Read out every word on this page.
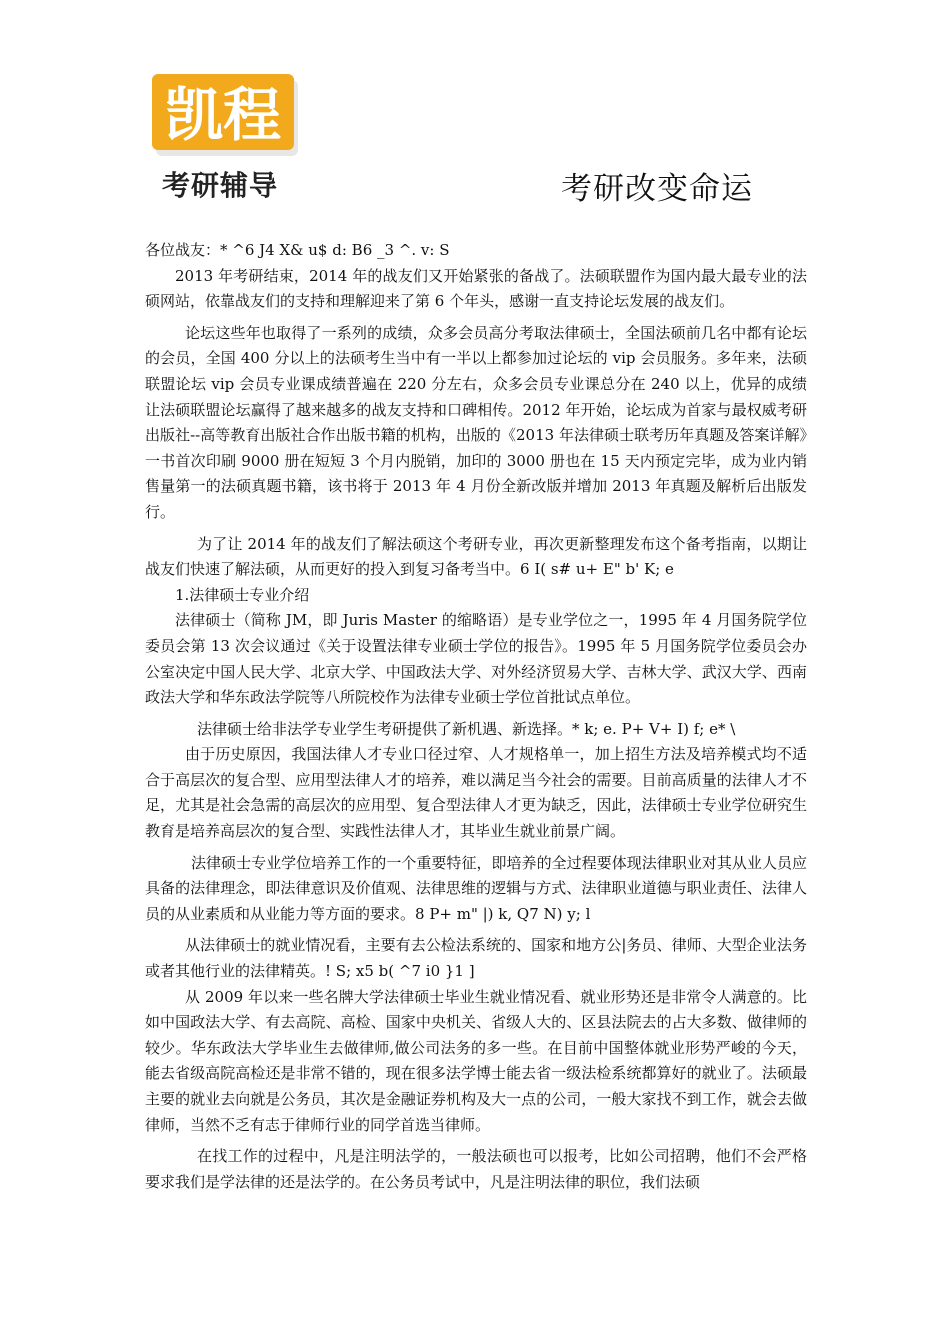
凯程
考研辅导	考研改变命运

各位战友：* ^6 J4 X& u$ d: B6 _3 ^. v: S

2013 年考研结束，2014 年的战友们又开始紧张的备战了。法硕联盟作为国内最大最专业的法硕网站，依靠战友们的支持和理解迎来了第 6 个年头，感谢一直支持论坛发展的战友们。

论坛这些年也取得了一系列的成绩，众多会员高分考取法律硕士，全国法硕前几名中都有论坛的会员，全国 400 分以上的法硕考生当中有一半以上都参加过论坛的 vip 会员服务。多年来，法硕联盟论坛 vip 会员专业课成绩普遍在 220 分左右，众多会员专业课总分在 240 以上，优异的成绩让法硕联盟论坛赢得了越来越多的战友支持和口碑相传。2012 年开始，论坛成为首家与最权威考研出版社--高等教育出版社合作出版书籍的机构，出版的《2013 年法律硕士联考历年真题及答案详解》一书首次印刷 9000 册在短短 3 个月内脱销，加印的 3000 册也在 15 天内预定完毕，成为业内销售量第一的法硕真题书籍，该书将于 2013 年 4 月份全新改版并增加 2013 年真题及解析后出版发行。

为了让 2014 年的战友们了解法硕这个考研专业，再次更新整理发布这个备考指南，以期让战友们快速了解法硕，从而更好的投入到复习备考当中。6 I( s# u+ E" b' K; e

1.法律硕士专业介绍

法律硕士（简称 JM，即 Juris Master 的缩略语）是专业学位之一，1995 年 4 月国务院学位委员会第 13 次会议通过《关于设置法律专业硕士学位的报告》。1995 年 5 月国务院学位委员会办公室决定中国人民大学、北京大学、中国政法大学、对外经济贸易大学、吉林大学、武汉大学、西南政法大学和华东政法学院等八所院校作为法律专业硕士学位首批试点单位。

法律硕士给非法学专业学生考研提供了新机遇、新选择。* k; e. P+ V+ I) f; e* \

由于历史原因，我国法律人才专业口径过窄、人才规格单一，加上招生方法及培养模式均不适合于高层次的复合型、应用型法律人才的培养，难以满足当今社会的需要。目前高质量的法律人才不足，尤其是社会急需的高层次的应用型、复合型法律人才更为缺乏，因此，法律硕士专业学位研究生教育是培养高层次的复合型、实践性法律人才，其毕业生就业前景广阔。

法律硕士专业学位培养工作的一个重要特征，即培养的全过程要体现法律职业对其从业人员应具备的法律理念，即法律意识及价值观、法律思维的逻辑与方式、法律职业道德与职业责任、法律人员的从业素质和从业能力等方面的要求。8 P+ m" |) k, Q7 N) y; l

从法律硕士的就业情况看，主要有去公检法系统的、国家和地方公|务员、律师、大型企业法务或者其他行业的法律精英。! S; x5 b( ^7 i0 }1 ]

从 2009 年以来一些名牌大学法律硕士毕业生就业情况看、就业形势还是非常令人满意的。比如中国政法大学、有去高院、高检、国家中央机关、省级人大的、区县法院去的占大多数、做律师的较少。华东政法大学毕业生去做律师,做公司法务的多一些。在目前中国整体就业形势严峻的今天，能去省级高院高检还是非常不错的，现在很多法学博士能去省一级法检系统都算好的就业了。法硕最主要的就业去向就是公务员，其次是金融证券机构及大一点的公司，一般大家找不到工作，就会去做律师，当然不乏有志于律师行业的同学首选当律师。

在找工作的过程中，凡是注明法学的，一般法硕也可以报考，比如公司招聘，他们不会严格要求我们是学法律的还是法学的。在公务员考试中，凡是注明法律的职位，我们法硕
